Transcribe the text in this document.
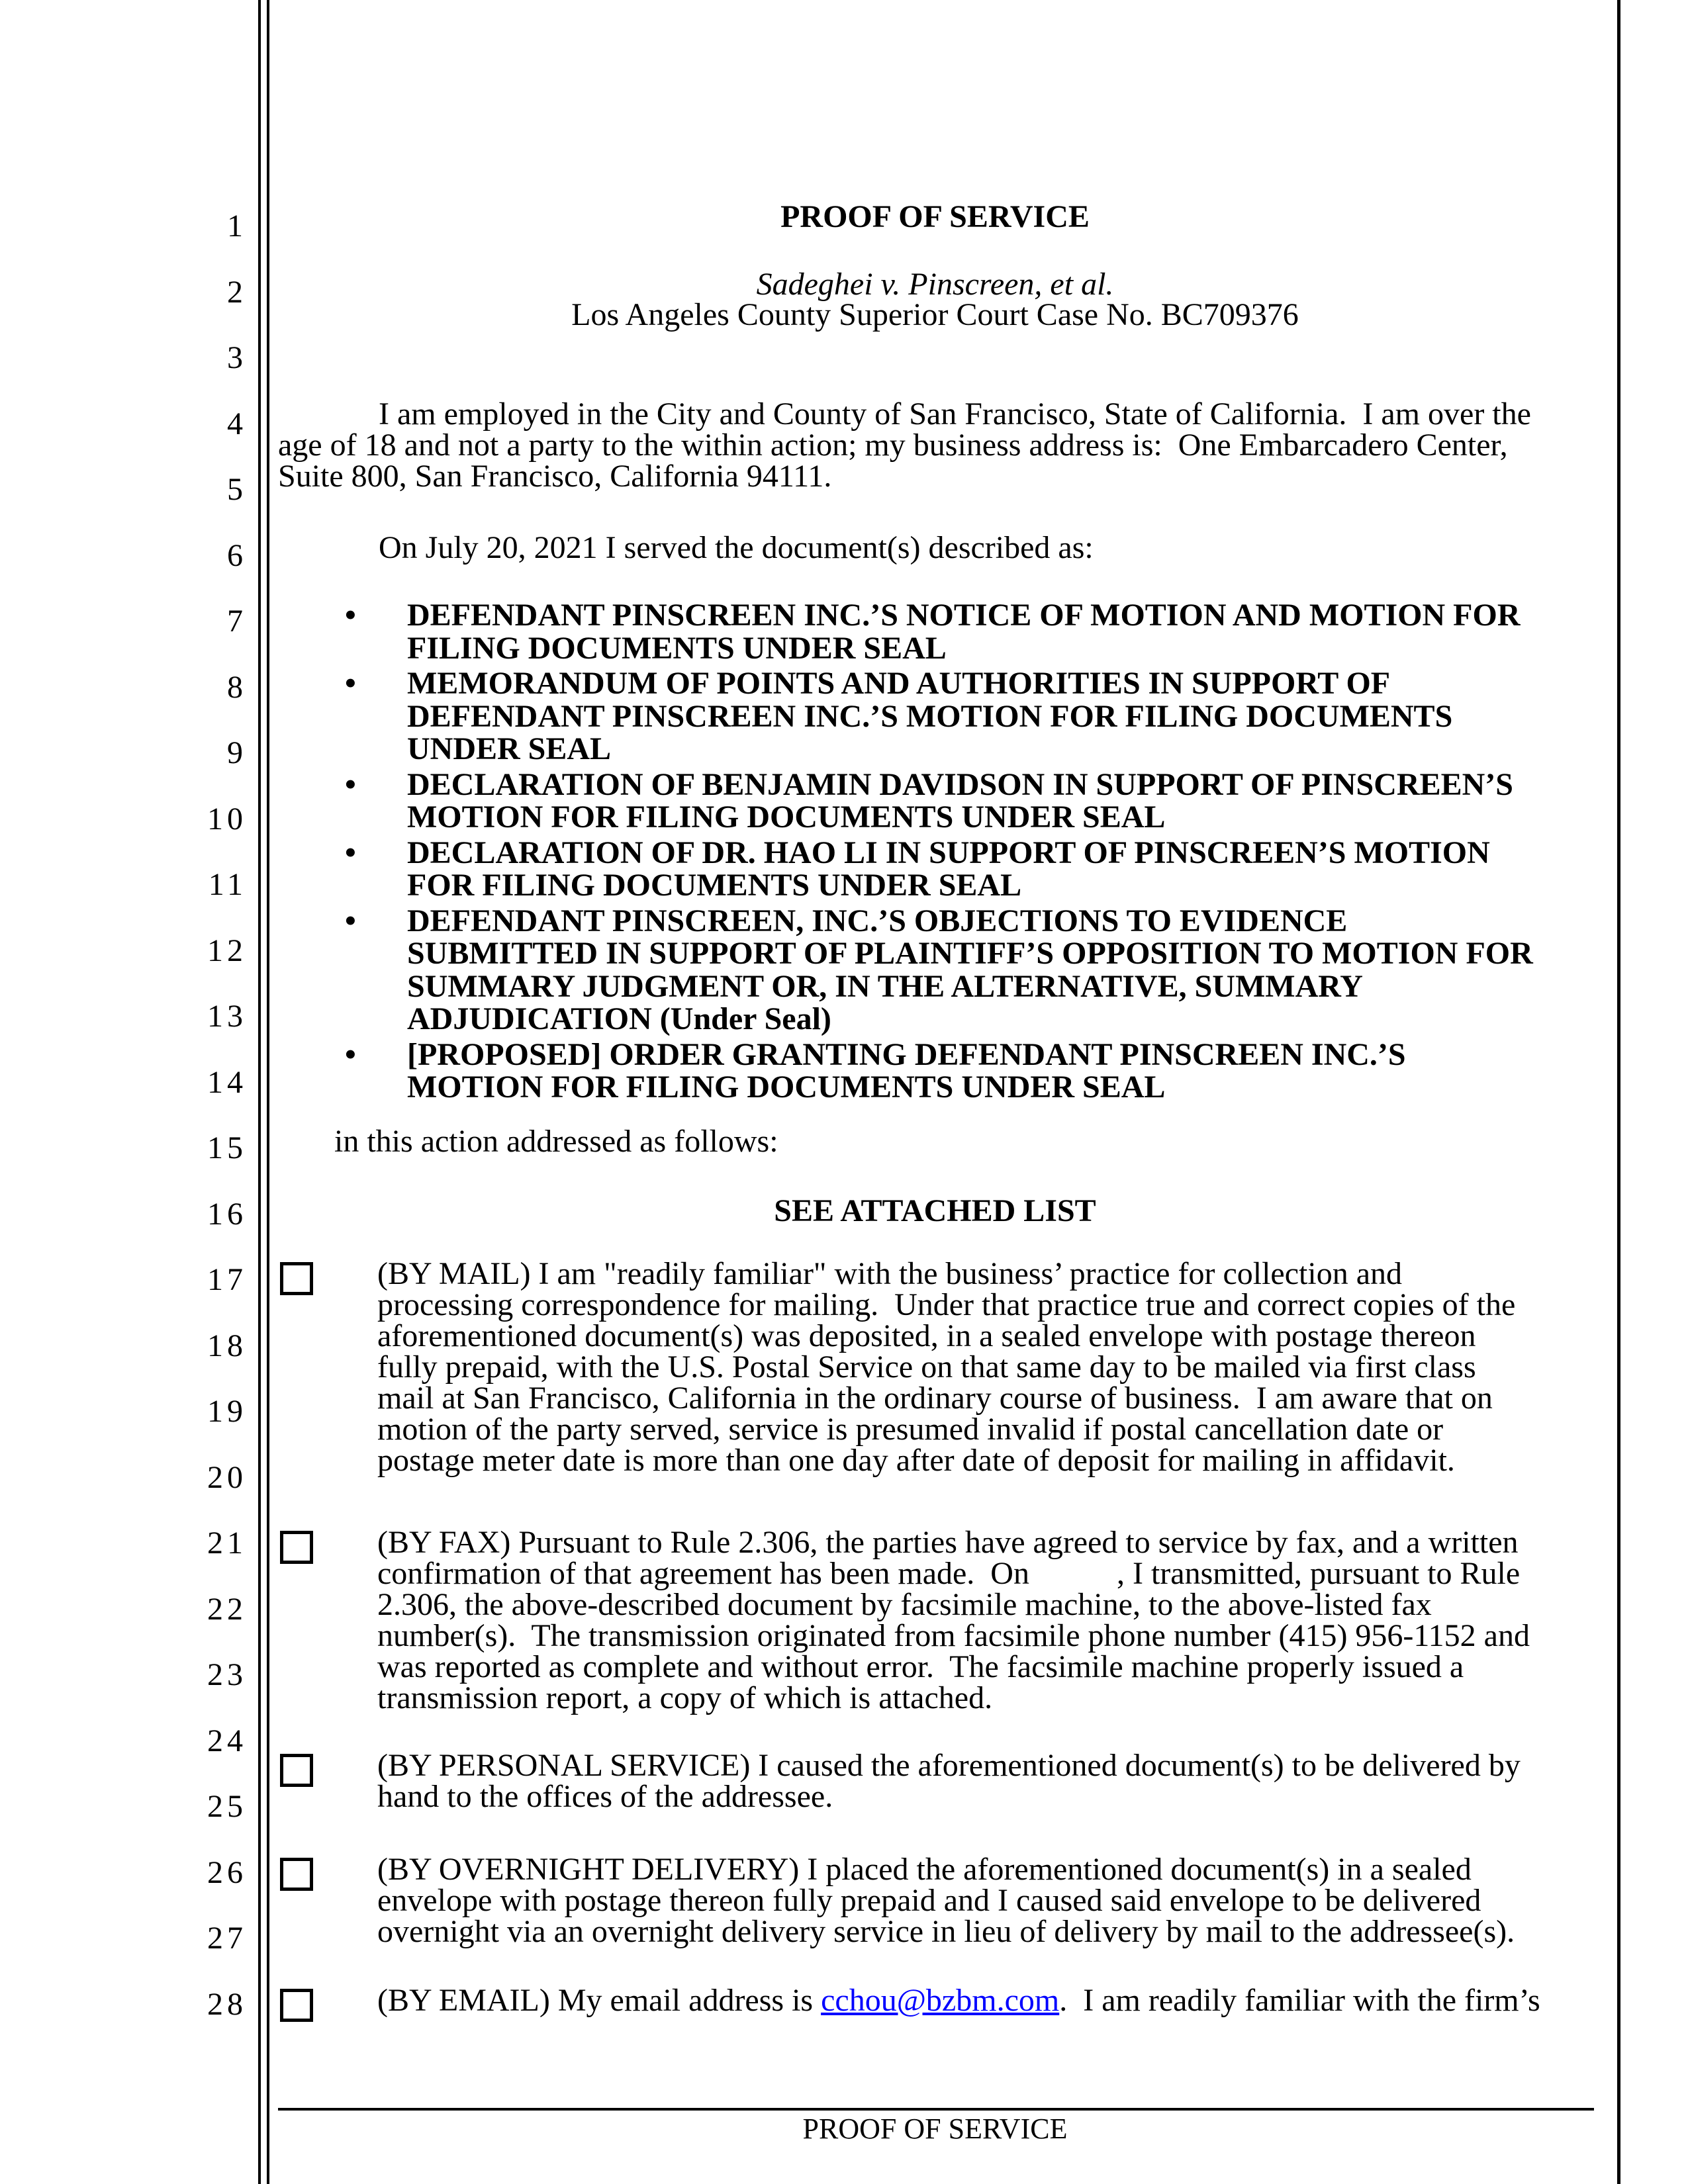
1
2
3
4
5
6
7
8
9
10
11
12
13
14
15
16
17
18
19
20
21
22
23
24
25
26
27
28
PROOF OF SERVICE
Sadeghei v. Pinscreen, et al.
Los Angeles County Superior Court Case No. BC709376
I am employed in the City and County of San Francisco, State of California.  I am over the
age of 18 and not a party to the within action; my business address is:  One Embarcadero Center,
Suite 800, San Francisco, California 94111.
On July 20, 2021 I served the document(s) described as:
• DEFENDANT PINSCREEN INC.’S NOTICE OF MOTION AND MOTION FOR
FILING DOCUMENTS UNDER SEAL
• MEMORANDUM OF POINTS AND AUTHORITIES IN SUPPORT OF
DEFENDANT PINSCREEN INC.’S MOTION FOR FILING DOCUMENTS
UNDER SEAL
• DECLARATION OF BENJAMIN DAVIDSON IN SUPPORT OF PINSCREEN’S
MOTION FOR FILING DOCUMENTS UNDER SEAL
• DECLARATION OF DR. HAO LI IN SUPPORT OF PINSCREEN’S MOTION
FOR FILING DOCUMENTS UNDER SEAL
• DEFENDANT PINSCREEN, INC.’S OBJECTIONS TO EVIDENCE
SUBMITTED IN SUPPORT OF PLAINTIFF’S OPPOSITION TO MOTION FOR
SUMMARY JUDGMENT OR, IN THE ALTERNATIVE, SUMMARY
ADJUDICATION (Under Seal)
• [PROPOSED] ORDER GRANTING DEFENDANT PINSCREEN INC.’S
MOTION FOR FILING DOCUMENTS UNDER SEAL
in this action addressed as follows:
SEE ATTACHED LIST
(BY MAIL) I am "readily familiar" with the business’ practice for collection and
processing correspondence for mailing.  Under that practice true and correct copies of the
aforementioned document(s) was deposited, in a sealed envelope with postage thereon
fully prepaid, with the U.S. Postal Service on that same day to be mailed via first class
mail at San Francisco, California in the ordinary course of business.  I am aware that on
motion of the party served, service is presumed invalid if postal cancellation date or
postage meter date is more than one day after date of deposit for mailing in affidavit.
(BY FAX) Pursuant to Rule 2.306, the parties have agreed to service by fax, and a written
confirmation of that agreement has been made.  On           , I transmitted, pursuant to Rule
2.306, the above-described document by facsimile machine, to the above-listed fax
number(s).  The transmission originated from facsimile phone number (415) 956-1152 and
was reported as complete and without error.  The facsimile machine properly issued a
transmission report, a copy of which is attached.
(BY PERSONAL SERVICE) I caused the aforementioned document(s) to be delivered by
hand to the offices of the addressee.
(BY OVERNIGHT DELIVERY) I placed the aforementioned document(s) in a sealed
envelope with postage thereon fully prepaid and I caused said envelope to be delivered
overnight via an overnight delivery service in lieu of delivery by mail to the addressee(s).
(BY EMAIL) My email address is cchou@bzbm.com.  I am readily familiar with the firm’s
PROOF OF SERVICE
